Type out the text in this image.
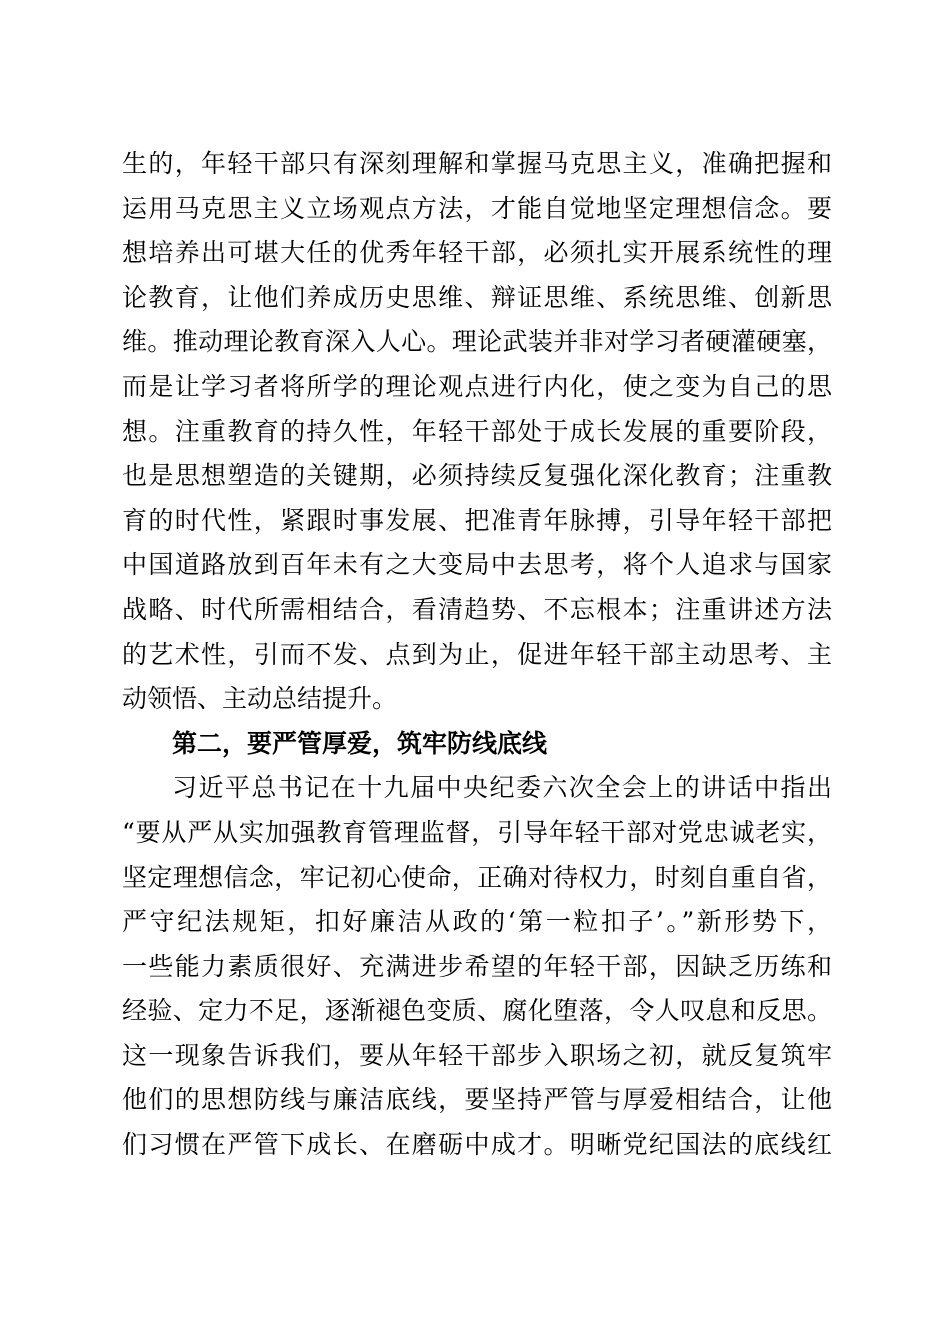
生的，年轻干部只有深刻理解和掌握马克思主义，准确把握和
运用马克思主义立场观点方法，才能自觉地坚定理想信念。要
想培养出可堪大任的优秀年轻干部，必须扎实开展系统性的理
论教育，让他们养成历史思维、辩证思维、系统思维、创新思
维。推动理论教育深入人心。理论武装并非对学习者硬灌硬塞，
而是让学习者将所学的理论观点进行内化，使之变为自己的思
想。注重教育的持久性，年轻干部处于成长发展的重要阶段，
也是思想塑造的关键期，必须持续反复强化深化教育；注重教
育的时代性，紧跟时事发展、把准青年脉搏，引导年轻干部把
中国道路放到百年未有之大变局中去思考，将个人追求与国家
战略、时代所需相结合，看清趋势、不忘根本；注重讲述方法
的艺术性，引而不发、点到为止，促进年轻干部主动思考、主
动领悟、主动总结提升。
第二，要严管厚爱，筑牢防线底线
习近平总书记在十九届中央纪委六次全会上的讲话中指出
“要从严从实加强教育管理监督，引导年轻干部对党忠诚老实，
坚定理想信念，牢记初心使命，正确对待权力，时刻自重自省，
严守纪法规矩，扣好廉洁从政的‘第一粒扣子’。”新形势下，
一些能力素质很好、充满进步希望的年轻干部，因缺乏历练和
经验、定力不足，逐渐褪色变质、腐化堕落，令人叹息和反思。
这一现象告诉我们，要从年轻干部步入职场之初，就反复筑牢
他们的思想防线与廉洁底线，要坚持严管与厚爱相结合，让他
们习惯在严管下成长、在磨砺中成才。明晰党纪国法的底线红
